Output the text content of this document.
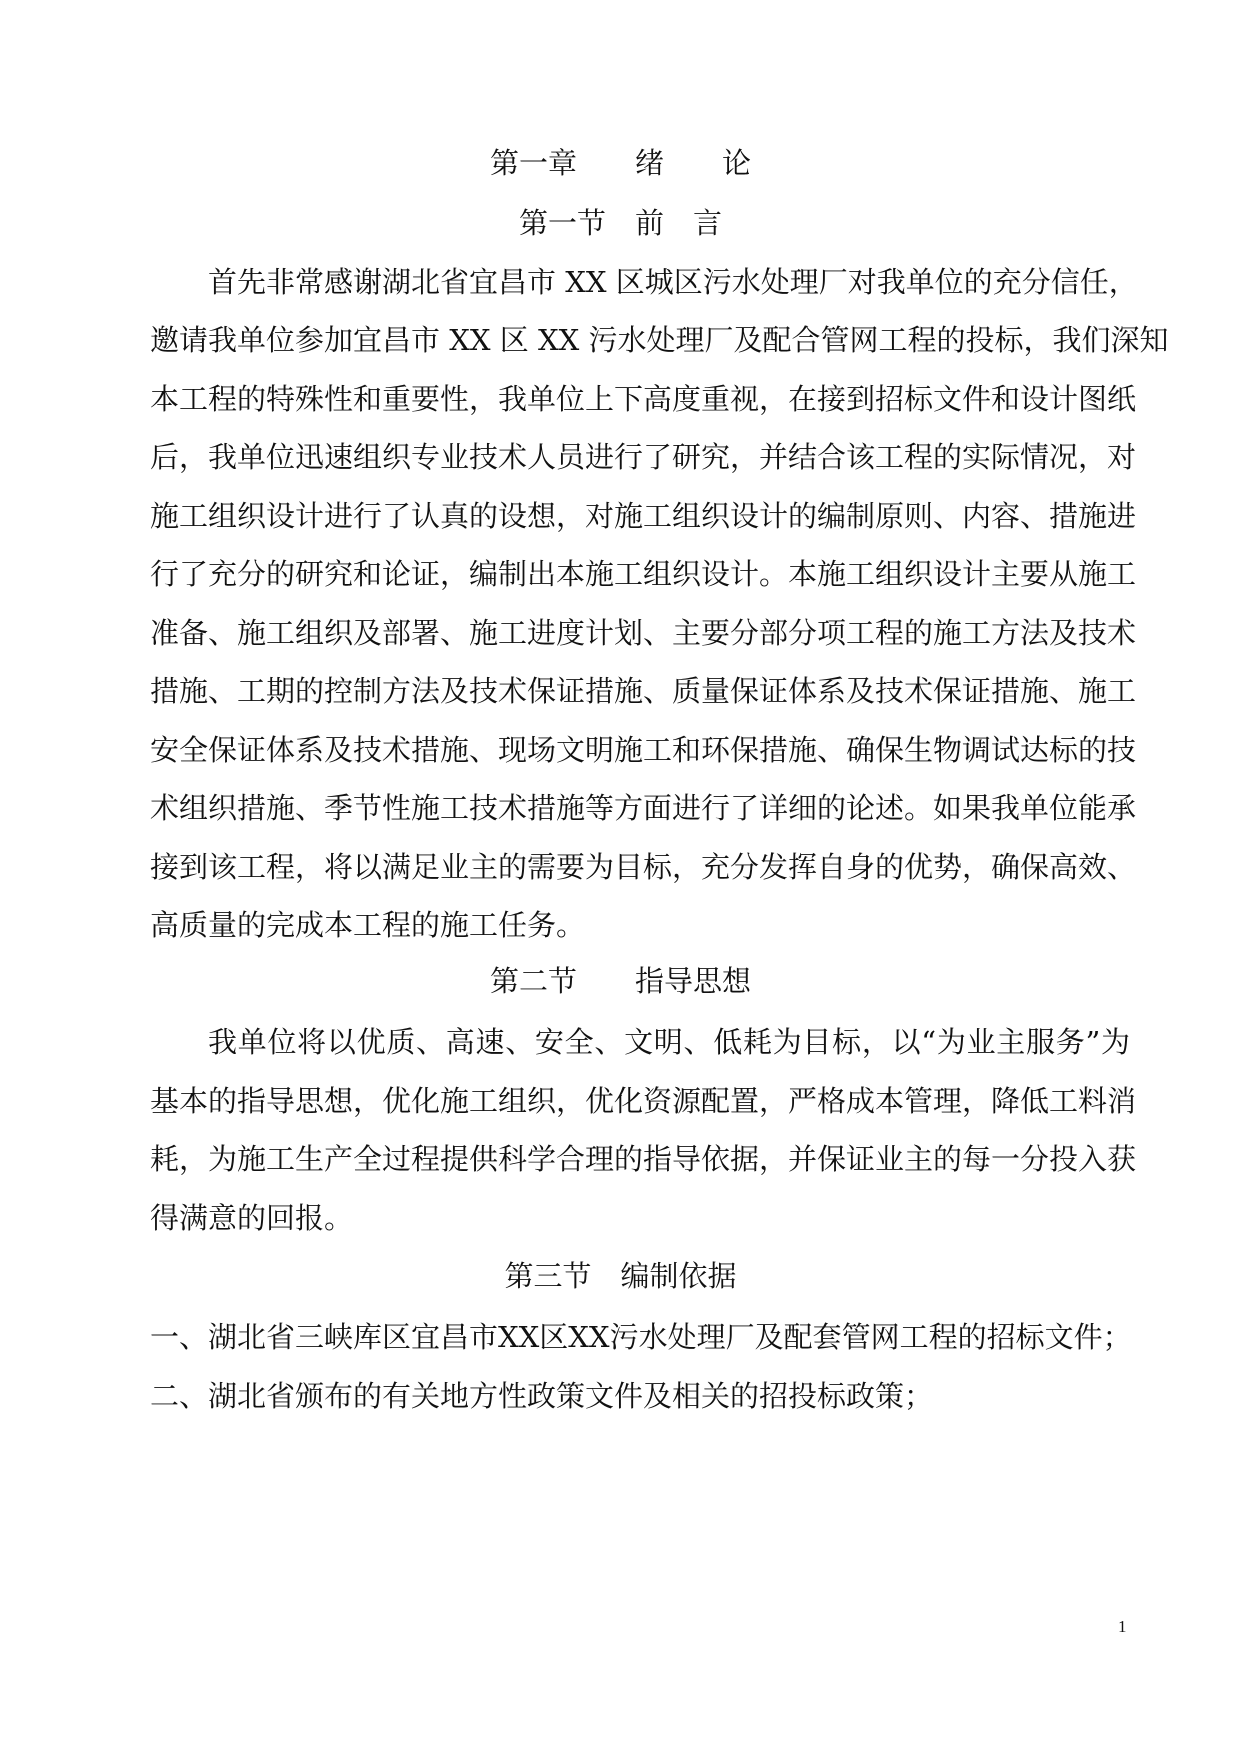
第一章　　绪　　论
第一节　前　言
首先非常感谢湖北省宜昌市 XX 区城区污水处理厂对我单位的充分信任，
邀请我单位参加宜昌市 XX 区 XX 污水处理厂及配合管网工程的投标，我们深知
本工程的特殊性和重要性，我单位上下高度重视，在接到招标文件和设计图纸
后，我单位迅速组织专业技术人员进行了研究，并结合该工程的实际情况，对
施工组织设计进行了认真的设想，对施工组织设计的编制原则、内容、措施进
行了充分的研究和论证，编制出本施工组织设计。本施工组织设计主要从施工
准备、施工组织及部署、施工进度计划、主要分部分项工程的施工方法及技术
措施、工期的控制方法及技术保证措施、质量保证体系及技术保证措施、施工
安全保证体系及技术措施、现场文明施工和环保措施、确保生物调试达标的技
术组织措施、季节性施工技术措施等方面进行了详细的论述。如果我单位能承
接到该工程，将以满足业主的需要为目标，充分发挥自身的优势，确保高效、
高质量的完成本工程的施工任务。
第二节　　指导思想
我单位将以优质、高速、安全、文明、低耗为目标，以“为业主服务”为
基本的指导思想，优化施工组织，优化资源配置，严格成本管理，降低工料消
耗，为施工生产全过程提供科学合理的指导依据，并保证业主的每一分投入获
得满意的回报。
第三节　编制依据
一、湖北省三峡库区宜昌市XX区XX污水处理厂及配套管网工程的招标文件；
二、湖北省颁布的有关地方性政策文件及相关的招投标政策；
1
